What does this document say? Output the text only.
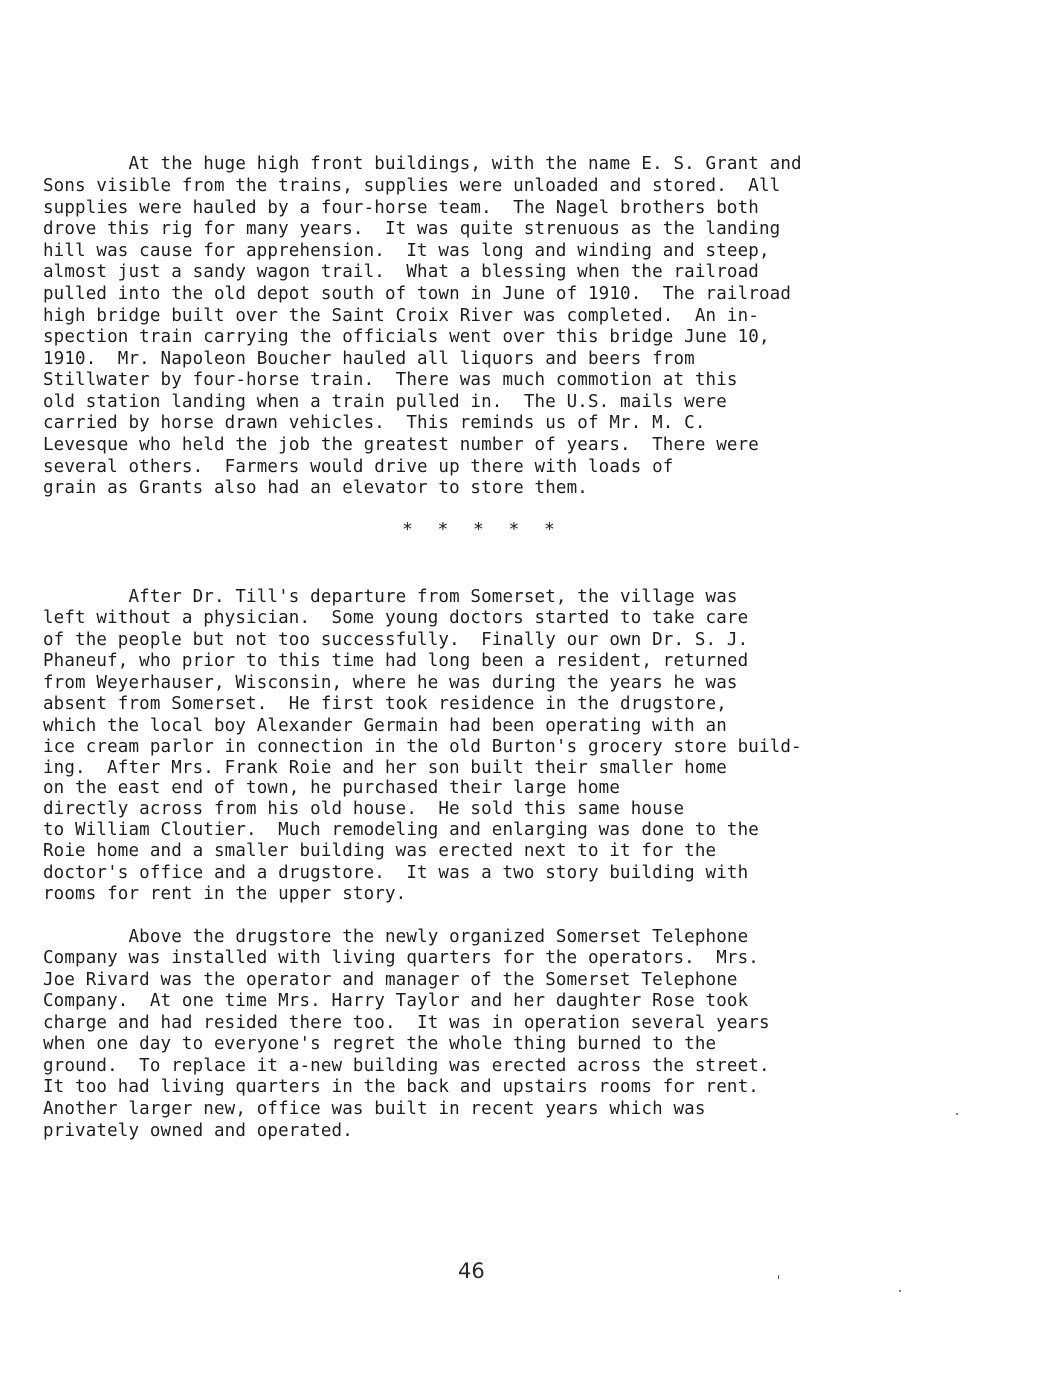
At the huge high front buildings, with the name E. S. Grant and
Sons visible from the trains, supplies were unloaded and stored.  All
supplies were hauled by a four-horse team.  The Nagel brothers both
drove this rig for many years.  It was quite strenuous as the landing
hill was cause for apprehension.  It was long and winding and steep,
almost just a sandy wagon trail.  What a blessing when the railroad
pulled into the old depot south of town in June of 1910.  The railroad
high bridge built over the Saint Croix River was completed.  An in-
spection train carrying the officials went over this bridge June 10,
1910.  Mr. Napoleon Boucher hauled all liquors and beers from
Stillwater by four-horse train.  There was much commotion at this
old station landing when a train pulled in.  The U.S. mails were
carried by horse drawn vehicles.  This reminds us of Mr. M. C.
Levesque who held the job the greatest number of years.  There were
several others.  Farmers would drive up there with loads of
grain as Grants also had an elevator to store them.
*  *  *  *  *
After Dr. Till's departure from Somerset, the village was
left without a physician.  Some young doctors started to take care
of the people but not too successfully.  Finally our own Dr. S. J.
Phaneuf, who prior to this time had long been a resident, returned
from Weyerhauser, Wisconsin, where he was during the years he was
absent from Somerset.  He first took residence in the drugstore,
which the local boy Alexander Germain had been operating with an
ice cream parlor in connection in the old Burton's grocery store build-
ing.  After Mrs. Frank Roie and her son built their smaller home
on the east end of town, he purchased their large home
directly across from his old house.  He sold this same house
to William Cloutier.  Much remodeling and enlarging was done to the
Roie home and a smaller building was erected next to it for the
doctor's office and a drugstore.  It was a two story building with
rooms for rent in the upper story.
Above the drugstore the newly organized Somerset Telephone
Company was installed with living quarters for the operators.  Mrs.
Joe Rivard was the operator and manager of the Somerset Telephone
Company.  At one time Mrs. Harry Taylor and her daughter Rose took
charge and had resided there too.  It was in operation several years
when one day to everyone's regret the whole thing burned to the
ground.  To replace it a-new building was erected across the street.
It too had living quarters in the back and upstairs rooms for rent.
Another larger new, office was built in recent years which was
privately owned and operated.
46
